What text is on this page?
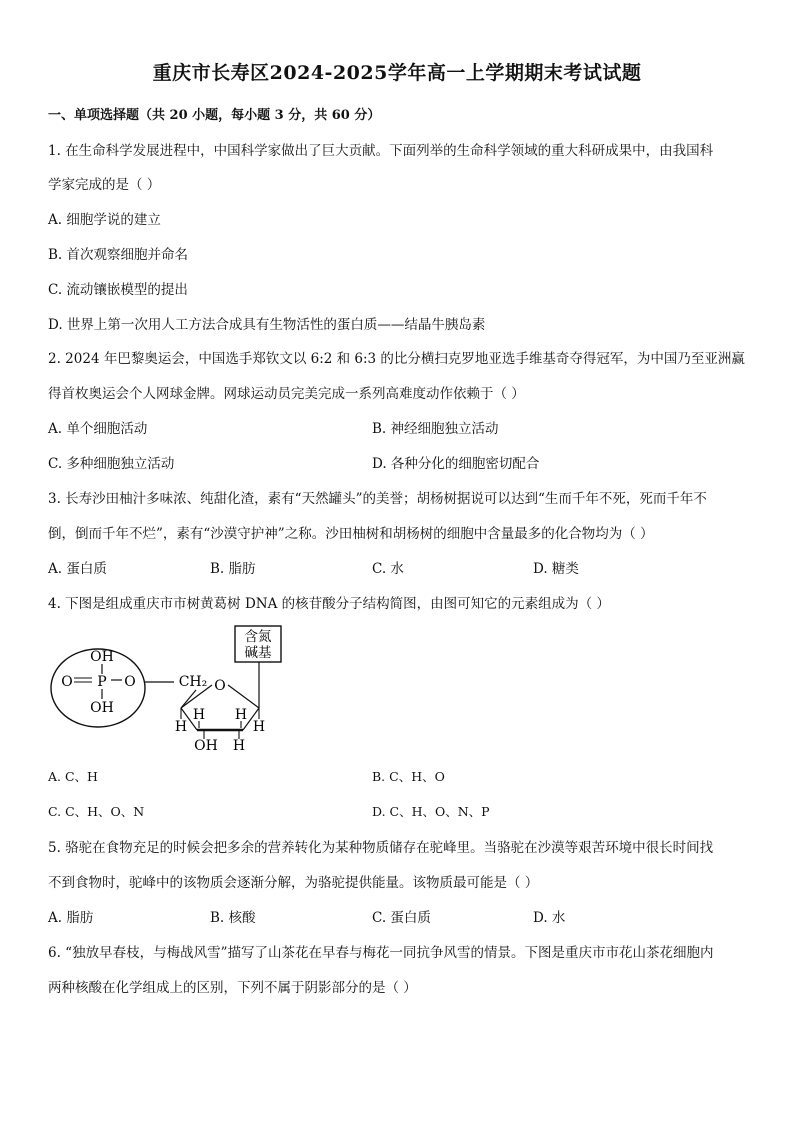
重庆市长寿区2024-2025学年高一上学期期末考试试题
一、单项选择题（共 20 小题，每小题 3 分，共 60 分）
1. 在生命科学发展进程中，中国科学家做出了巨大贡献。下面列举的生命科学领域的重大科研成果中，由我国科
学家完成的是（ ）
A. 细胞学说的建立
B. 首次观察细胞并命名
C. 流动镶嵌模型的提出
D. 世界上第一次用人工方法合成具有生物活性的蛋白质——结晶牛胰岛素
2. 2024 年巴黎奥运会，中国选手郑钦文以 6:2 和 6:3 的比分横扫克罗地亚选手维基奇夺得冠军，为中国乃至亚洲赢
得首枚奥运会个人网球金牌。网球运动员完美完成一系列高难度动作依赖于（ ）
A. 单个细胞活动	B. 神经细胞独立活动
C. 多种细胞独立活动	D. 各种分化的细胞密切配合
3. 长寿沙田柚汁多味浓、纯甜化渣，素有“天然罐头”的美誉；胡杨树据说可以达到“生而千年不死，死而千年不
倒，倒而千年不烂”，素有“沙漠守护神”之称。沙田柚树和胡杨树的细胞中含量最多的化合物均为（ ）
A. 蛋白质	B. 脂肪	C. 水	D. 糖类
4. 下图是组成重庆市市树黄葛树 DNA 的核苷酸分子结构简图，由图可知它的元素组成为（ ）
OH
O P O
OH
CH₂ O
含氮
碱基
H
H H
H
OH H
A. C、H	B. C、H、O
C. C、H、O、N	D. C、H、O、N、P
5. 骆驼在食物充足的时候会把多余的营养转化为某种物质储存在驼峰里。当骆驼在沙漠等艰苦环境中很长时间找
不到食物时，驼峰中的该物质会逐渐分解，为骆驼提供能量。该物质最可能是（ ）
A. 脂肪	B. 核酸	C. 蛋白质	D. 水
6. “独放早春枝，与梅战风雪”描写了山茶花在早春与梅花一同抗争风雪的情景。下图是重庆市市花山茶花细胞内
两种核酸在化学组成上的区别，下列不属于阴影部分的是（ ）
